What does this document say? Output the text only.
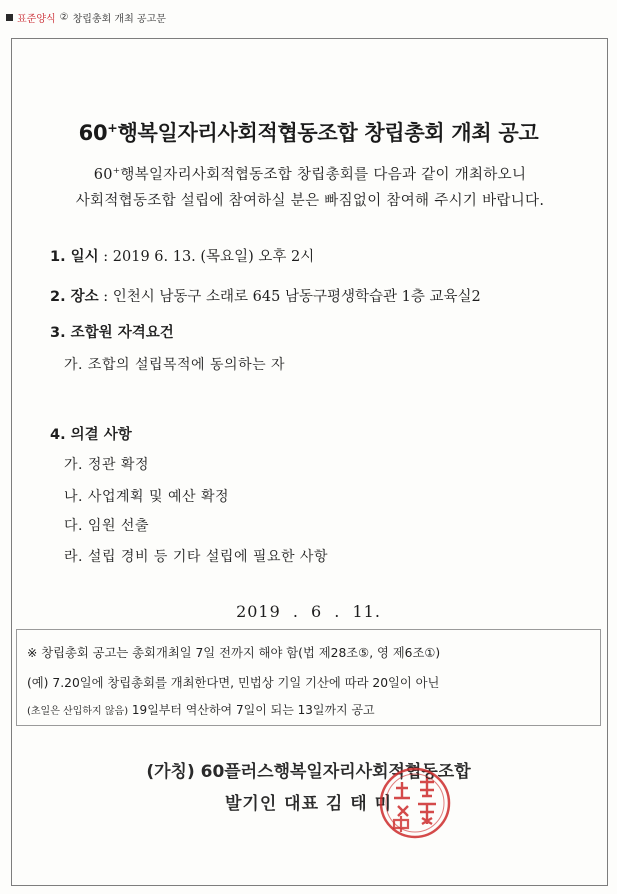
표준양식 ② 창립총회 개최 공고문
60+행복일자리사회적협동조합 창립총회 개최 공고
60+행복일자리사회적협동조합 창립총회를 다음과 같이 개최하오니
사회적협동조합 설립에 참여하실 분은 빠짐없이 참여해 주시기 바랍니다.
1. 일시 : 2019 6. 13. (목요일) 오후 2시
2. 장소 : 인천시 남동구 소래로 645 남동구평생학습관 1층 교육실2
3. 조합원 자격요건
가. 조합의 설립목적에 동의하는 자
4. 의결 사항
가. 정관 확정
나. 사업계획 및 예산 확정
다. 임원 선출
라. 설립 경비 등 기타 설립에 필요한 사항
2019 . 6 . 11.
※ 창립총회 공고는 총회개최일 7일 전까지 해야 함(법 제28조⑤, 영 제6조①)
(예) 7.20일에 창립총회를 개최한다면, 민법상 기일 기산에 따라 20일이 아닌
(초일은 산입하지 않음) 19일부터 역산하여 7일이 되는 13일까지 공고
(가칭) 60플러스행복일자리사회적협동조합
발기인 대표 김 태 미
